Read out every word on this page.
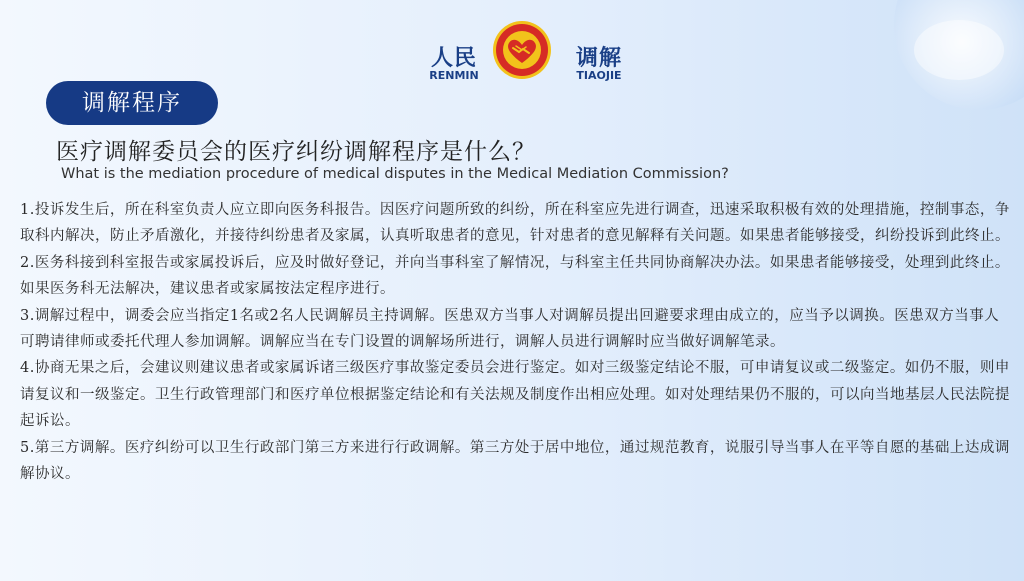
人民
RENMIN
调解
TIAOJIE
调解程序
医疗调解委员会的医疗纠纷调解程序是什么？
What is the mediation procedure of medical disputes in the Medical Mediation Commission?

1.投诉发生后，所在科室负责人应立即向医务科报告。因医疗问题所致的纠纷，所在科室应先进行调查，迅速采取积极有效的处理措施，控制事态，争取科内解决，防止矛盾激化，并接待纠纷患者及家属，认真听取患者的意见，针对患者的意见解释有关问题。如果患者能够接受，纠纷投诉到此终止。

2.医务科接到科室报告或家属投诉后，应及时做好登记，并向当事科室了解情况，与科室主任共同协商解决办法。如果患者能够接受，处理到此终止。如果医务科无法解决，建议患者或家属按法定程序进行。

3.调解过程中，调委会应当指定1名或2名人民调解员主持调解。医患双方当事人对调解员提出回避要求理由成立的，应当予以调换。医患双方当事人可聘请律师或委托代理人参加调解。调解应当在专门设置的调解场所进行，调解人员进行调解时应当做好调解笔录。

4.协商无果之后，会建议则建议患者或家属诉诸三级医疗事故鉴定委员会进行鉴定。如对三级鉴定结论不服，可申请复议或二级鉴定。如仍不服，则申请复议和一级鉴定。卫生行政管理部门和医疗单位根据鉴定结论和有关法规及制度作出相应处理。如对处理结果仍不服的，可以向当地基层人民法院提起诉讼。

5.第三方调解。医疗纠纷可以卫生行政部门第三方来进行行政调解。第三方处于居中地位，通过规范教育，说服引导当事人在平等自愿的基础上达成调解协议。
